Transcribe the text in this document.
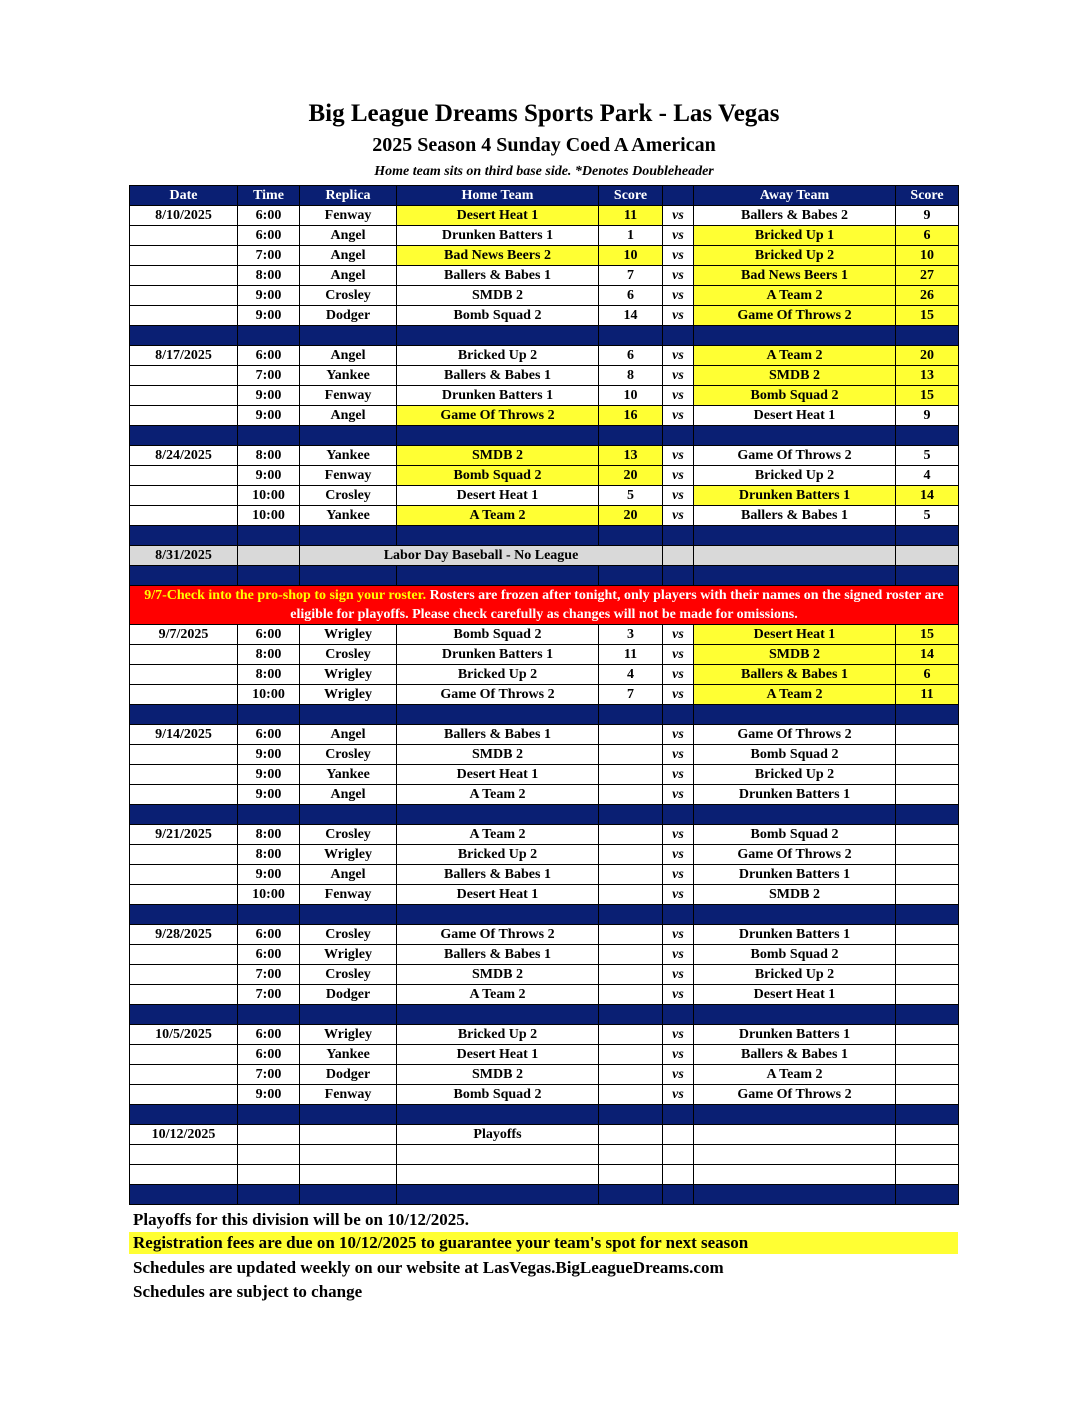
Big League Dreams Sports Park - Las Vegas
2025 Season 4 Sunday Coed A American
Home team sits on third base side. *Denotes Doubleheader
Date	Time	Replica	Home Team	Score		Away Team	Score
8/10/2025	6:00	Fenway	Desert Heat 1	11	vs	Ballers & Babes 2	9
	6:00	Angel	Drunken Batters 1	1	vs	Bricked Up 1	6
	7:00	Angel	Bad News Beers 2	10	vs	Bricked Up 2	10
	8:00	Angel	Ballers & Babes 1	7	vs	Bad News Beers 1	27
	9:00	Crosley	SMDB 2	6	vs	A Team 2	26
	9:00	Dodger	Bomb Squad 2	14	vs	Game Of Throws 2	15

8/17/2025	6:00	Angel	Bricked Up 2	6	vs	A Team 2	20
	7:00	Yankee	Ballers & Babes 1	8	vs	SMDB 2	13
	9:00	Fenway	Drunken Batters 1	10	vs	Bomb Squad 2	15
	9:00	Angel	Game Of Throws 2	16	vs	Desert Heat 1	9

8/24/2025	8:00	Yankee	SMDB 2	13	vs	Game Of Throws 2	5
	9:00	Fenway	Bomb Squad 2	20	vs	Bricked Up 2	4
	10:00	Crosley	Desert Heat 1	5	vs	Drunken Batters 1	14
	10:00	Yankee	A Team 2	20	vs	Ballers & Babes 1	5

8/31/2025		Labor Day Baseball - No League					

9/7-Check into the pro-shop to sign your roster. Rosters are frozen after tonight, only players with their names on the signed roster are eligible for playoffs. Please check carefully as changes will not be made for omissions.							
9/7/2025	6:00	Wrigley	Bomb Squad 2	3	vs	Desert Heat 1	15
	8:00	Crosley	Drunken Batters 1	11	vs	SMDB 2	14
	8:00	Wrigley	Bricked Up 2	4	vs	Ballers & Babes 1	6
	10:00	Wrigley	Game Of Throws 2	7	vs	A Team 2	11

9/14/2025	6:00	Angel	Ballers & Babes 1		vs	Game Of Throws 2	
	9:00	Crosley	SMDB 2		vs	Bomb Squad 2	
	9:00	Yankee	Desert Heat 1		vs	Bricked Up 2	
	9:00	Angel	A Team 2		vs	Drunken Batters 1	

9/21/2025	8:00	Crosley	A Team 2		vs	Bomb Squad 2	
	8:00	Wrigley	Bricked Up 2		vs	Game Of Throws 2	
	9:00	Angel	Ballers & Babes 1		vs	Drunken Batters 1	
	10:00	Fenway	Desert Heat 1		vs	SMDB 2	

9/28/2025	6:00	Crosley	Game Of Throws 2		vs	Drunken Batters 1	
	6:00	Wrigley	Ballers & Babes 1		vs	Bomb Squad 2	
	7:00	Crosley	SMDB 2		vs	Bricked Up 2	
	7:00	Dodger	A Team 2		vs	Desert Heat 1	

10/5/2025	6:00	Wrigley	Bricked Up 2		vs	Drunken Batters 1	
	6:00	Yankee	Desert Heat 1		vs	Ballers & Babes 1	
	7:00	Dodger	SMDB 2		vs	A Team 2	
	9:00	Fenway	Bomb Squad 2		vs	Game Of Throws 2	

10/12/2025			Playoffs				

Playoffs for this division will be on 10/12/2025.
Registration fees are due on 10/12/2025 to guarantee your team's spot for next season
Schedules are updated weekly on our website at LasVegas.BigLeagueDreams.com
Schedules are subject to change
